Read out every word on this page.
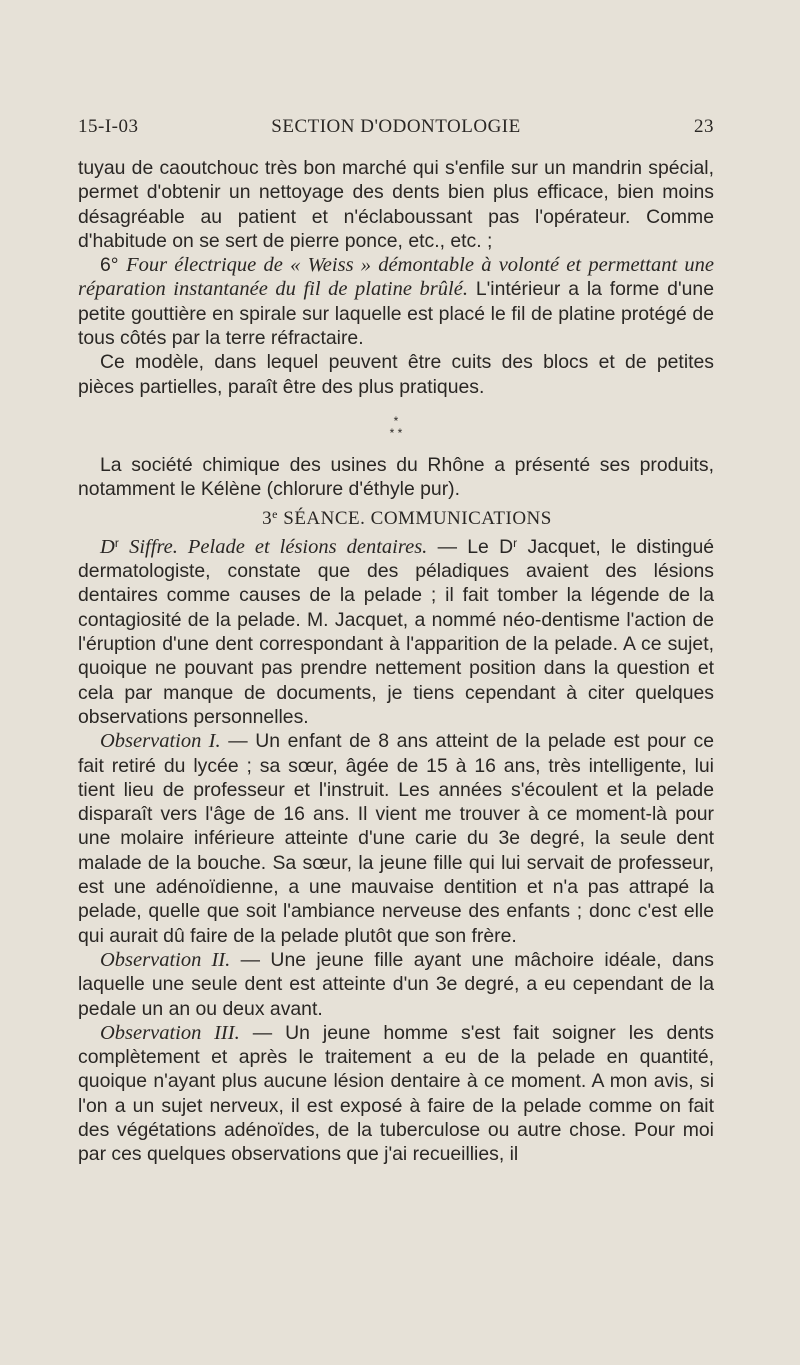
SECTION D'ODONTOLOGIE
15-I-03	23

tuyau de caoutchouc très bon marché qui s'enfile sur un mandrin spécial, permet d'obtenir un nettoyage des dents bien plus efficace, bien moins désagréable au patient et n'éclaboussant pas l'opérateur. Comme d'habitude on se sert de pierre ponce, etc., etc. ;

6° Four électrique de « Weiss » démontable à volonté et permettant une réparation instantanée du fil de platine brûlé. L'intérieur a la forme d'une petite gouttière en spirale sur laquelle est placé le fil de platine protégé de tous côtés par la terre réfractaire.

Ce modèle, dans lequel peuvent être cuits des blocs et de petites pièces partielles, paraît être des plus pratiques.

*
* *

La société chimique des usines du Rhône a présenté ses produits, notamment le Kélène (chlorure d'éthyle pur).

3e SÉANCE. COMMUNICATIONS

$D^r$ Siffre. Pelade et lésions dentaires. — Le $D^r$ Jacquet, le distingué dermatologiste, constate que des péladiques avaient des lésions dentaires comme causes de la pelade ; il fait tomber la légende de la contagiosité de la pelade. M. Jacquet, a nommé néo-dentisme l'action de l'éruption d'une dent correspondant à l'apparition de la pelade. A ce sujet, quoique ne pouvant pas prendre nettement position dans la question et cela par manque de documents, je tiens cependant à citer quelques observations personnelles.

Observation I. — Un enfant de 8 ans atteint de la pelade est pour ce fait retiré du lycée ; sa sœur, âgée de 15 à 16 ans, très intelligente, lui tient lieu de professeur et l'instruit. Les années s'écoulent et la pelade disparaît vers l'âge de 16 ans. Il vient me trouver à ce moment-là pour une molaire inférieure atteinte d'une carie du 3e degré, la seule dent malade de la bouche. Sa sœur, la jeune fille qui lui servait de professeur, est une adénoïdienne, a une mauvaise dentition et n'a pas attrapé la pelade, quelle que soit l'ambiance nerveuse des enfants ; donc c'est elle qui aurait dû faire de la pelade plutôt que son frère.

Observation II. — Une jeune fille ayant une mâchoire idéale, dans laquelle une seule dent est atteinte d'un 3e degré, a eu cependant de la pedale un an ou deux avant.

Observation III. — Un jeune homme s'est fait soigner les dents complètement et après le traitement a eu de la pelade en quantité, quoique n'ayant plus aucune lésion dentaire à ce moment. A mon avis, si l'on a un sujet nerveux, il est exposé à faire de la pelade comme on fait des végétations adénoïdes, de la tuberculose ou autre chose. Pour moi par ces quelques observations que j'ai recueillies, il
